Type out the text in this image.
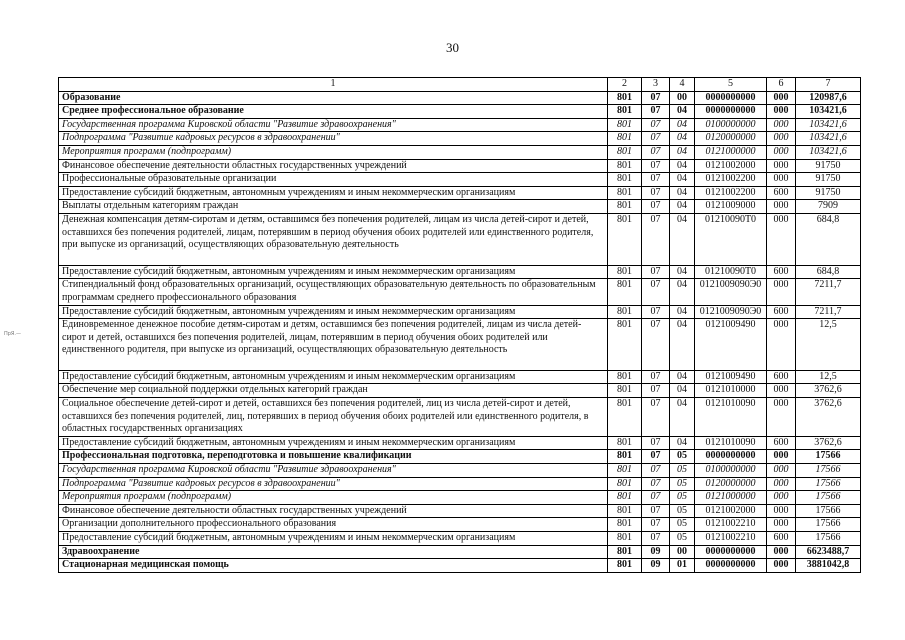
30
ПрЯ.—
1	2	3	4	5	6	7
Образование	801	07	00	0000000000	000	120987,6
Среднее профессиональное образование	801	07	04	0000000000	000	103421,6
Государственная программа Кировской области "Развитие здравоохранения"	801	07	04	0100000000	000	103421,6
Подпрограмма "Развитие кадровых ресурсов в здравоохранении"	801	07	04	0120000000	000	103421,6
Мероприятия программ (подпрограмм)	801	07	04	0121000000	000	103421,6
Финансовое обеспечение деятельности областных государственных учреждений	801	07	04	0121002000	000	91750
Профессиональные образовательные организации	801	07	04	0121002200	000	91750
Предоставление субсидий бюджетным, автономным учреждениям и иным некоммерческим организациям	801	07	04	0121002200	600	91750
Выплаты отдельным категориям граждан	801	07	04	0121009000	000	7909
Денежная компенсация детям-сиротам и детям, оставшимся без попечения родителей, лицам из числа детей-сирот и детей, оставшихся без попечения родителей, лицам, потерявшим в период обучения обоих родителей или единственного родителя, при выпуске из организаций, осуществляющих образовательную деятельность	801	07	04	01210090Т0	000	684,8
Предоставление субсидий бюджетным, автономным учреждениям и иным некоммерческим организациям	801	07	04	01210090Т0	600	684,8
Стипендиальный фонд образовательных организаций, осуществляющих образовательную деятельность по образовательным программам среднего профессионального образования	801	07	04	0121009090Э0	000	7211,7
Предоставление субсидий бюджетным, автономным учреждениям и иным некоммерческим организациям	801	07	04	0121009090Э0	600	7211,7
Единовременное денежное пособие детям-сиротам и детям, оставшимся без попечения родителей, лицам из числа детей-сирот и детей, оставшихся без попечения родителей, лицам, потерявшим в период обучения обоих родителей или единственного родителя, при выпуске из организаций, осуществляющих образовательную деятельность	801	07	04	0121009490	000	12,5
Предоставление субсидий бюджетным, автономным учреждениям и иным некоммерческим организациям	801	07	04	0121009490	600	12,5
Обеспечение мер социальной поддержки отдельных категорий граждан	801	07	04	0121010000	000	3762,6
Социальное обеспечение детей-сирот и детей, оставшихся без попечения родителей, лиц из числа детей-сирот и детей, оставшихся без попечения родителей, лиц, потерявших в период обучения обоих родителей или единственного родителя, в областных государственных организациях	801	07	04	0121010090	000	3762,6
Предоставление субсидий бюджетным, автономным учреждениям и иным некоммерческим организациям	801	07	04	0121010090	600	3762,6
Профессиональная подготовка, переподготовка и повышение квалификации	801	07	05	0000000000	000	17566
Государственная программа Кировской области "Развитие здравоохранения"	801	07	05	0100000000	000	17566
Подпрограмма "Развитие кадровых ресурсов в здравоохранении"	801	07	05	0120000000	000	17566
Мероприятия программ (подпрограмм)	801	07	05	0121000000	000	17566
Финансовое обеспечение деятельности областных государственных учреждений	801	07	05	0121002000	000	17566
Организации дополнительного профессионального образования	801	07	05	0121002210	000	17566
Предоставление субсидий бюджетным, автономным учреждениям и иным некоммерческим организациям	801	07	05	0121002210	600	17566
Здравоохранение	801	09	00	0000000000	000	6623488,7
Стационарная медицинская помощь	801	09	01	0000000000	000	3881042,8
